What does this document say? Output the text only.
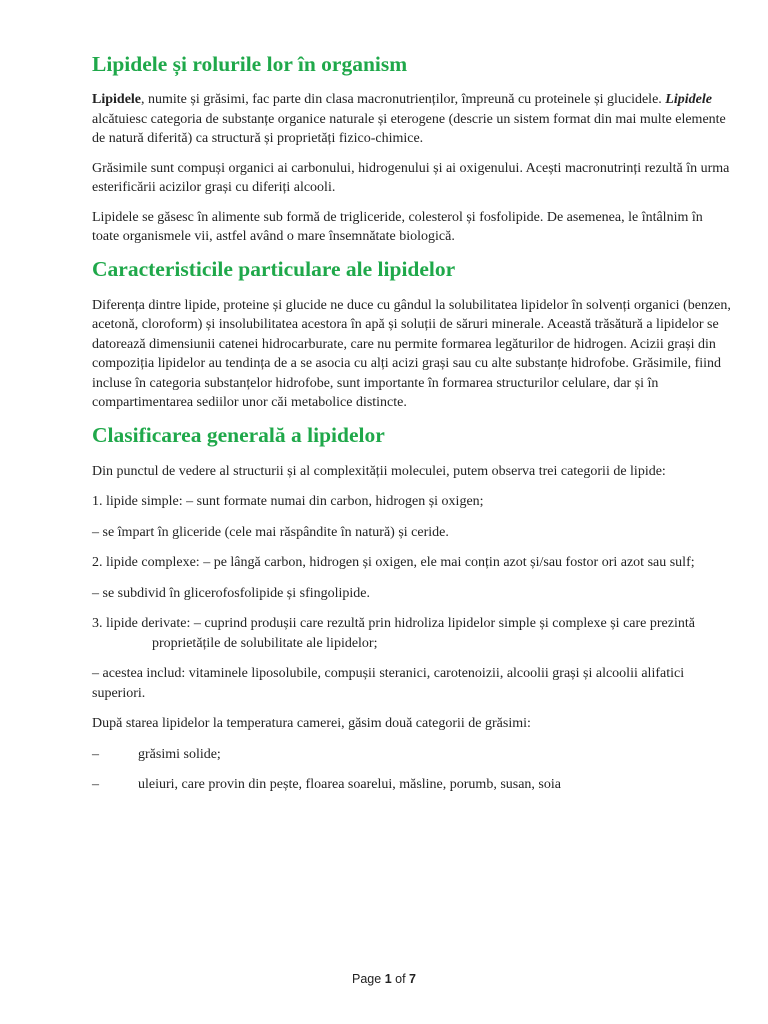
Lipidele și rolurile lor în organism

Lipidele, numite și grăsimi, fac parte din clasa macronutrienților, împreună cu proteinele și glucidele. Lipidele alcătuiesc categoria de substanțe organice naturale și eterogene (descrie un sistem format din mai multe elemente de natură diferită) ca structură și proprietăți fizico-chimice.

Grăsimile sunt compuși organici ai carbonului, hidrogenului și ai oxigenului. Acești macronutrinți rezultă în urma esterificării acizilor grași cu diferiți alcooli.

Lipidele se găsesc în alimente sub formă de trigliceride, colesterol și fosfolipide. De asemenea, le întâlnim în toate organismele vii, astfel având o mare însemnătate biologică.

Caracteristicile particulare ale lipidelor

Diferența dintre lipide, proteine și glucide ne duce cu gândul la solubilitatea lipidelor în solvenți organici (benzen, acetonă, cloroform) și insolubilitatea acestora în apă și soluții de săruri minerale. Această trăsătură a lipidelor se datorează dimensiunii catenei hidrocarburate, care nu permite formarea legăturilor de hidrogen. Acizii grași din compoziția lipidelor au tendința de a se asocia cu alți acizi grași sau cu alte substanțe hidrofobe. Grăsimile, fiind incluse în categoria substanțelor hidrofobe, sunt importante în formarea structurilor celulare, dar și în compartimentarea sediilor unor căi metabolice distincte.

Clasificarea generală a lipidelor

Din punctul de vedere al structurii și al complexității moleculei, putem observa trei categorii de lipide:

1. lipide simple: – sunt formate numai din carbon, hidrogen și oxigen;

– se împart în gliceride (cele mai răspândite în natură) și ceride.

2. lipide complexe: – pe lângă carbon, hidrogen și oxigen, ele mai conțin azot și/sau fostor ori azot sau sulf;

– se subdivid în glicerofosfolipide și sfingolipide.

3. lipide derivate: – cuprind produșii care rezultă prin hidroliza lipidelor simple și complexe și care prezintăproprietățile de solubilitate ale lipidelor;

– acestea includ: vitaminele liposolubile, compușii steranici, carotenoizii, alcoolii grași și alcoolii alifatici superiori.

După starea lipidelor la temperatura camerei, găsim două categorii de grăsimi:

–	grăsimi solide;

–	uleiuri, care provin din pește, floarea soarelui, măsline, porumb, susan, soia

Page 1 of 7
